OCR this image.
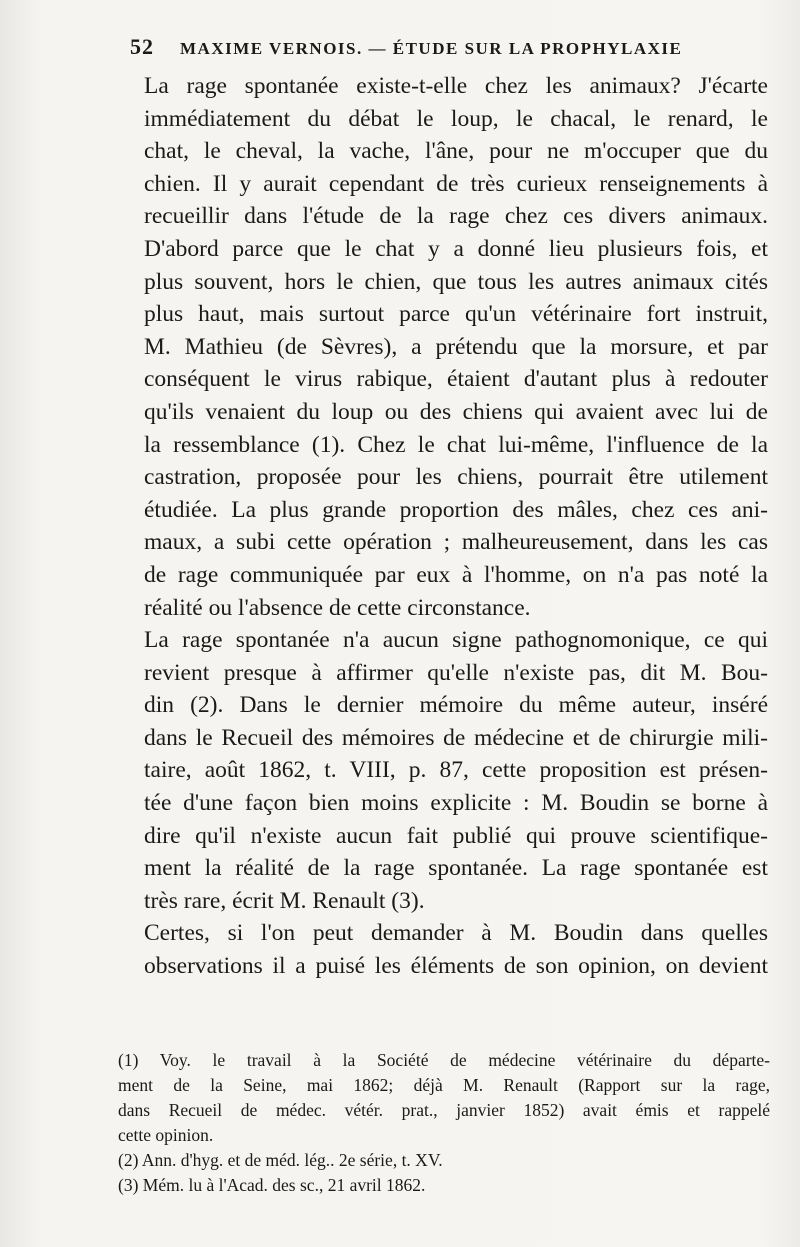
52 MAXIME VERNOIS. — ÉTUDE SUR LA PROPHYLAXIE

La rage spontanée existe-t-elle chez les animaux? J'écarte
immédiatement du débat le loup, le chacal, le renard, le
chat, le cheval, la vache, l'âne, pour ne m'occuper que du
chien. Il y aurait cependant de très curieux renseignements à
recueillir dans l'étude de la rage chez ces divers animaux.
D'abord parce que le chat y a donné lieu plusieurs fois, et
plus souvent, hors le chien, que tous les autres animaux cités
plus haut, mais surtout parce qu'un vétérinaire fort instruit,
M. Mathieu (de Sèvres), a prétendu que la morsure, et par
conséquent le virus rabique, étaient d'autant plus à redouter
qu'ils venaient du loup ou des chiens qui avaient avec lui de
la ressemblance (1). Chez le chat lui-même, l'influence de la
castration, proposée pour les chiens, pourrait être utilement
étudiée. La plus grande proportion des mâles, chez ces ani-
maux, a subi cette opération ; malheureusement, dans les cas
de rage communiquée par eux à l'homme, on n'a pas noté la
réalité ou l'absence de cette circonstance.

La rage spontanée n'a aucun signe pathognomonique, ce qui
revient presque à affirmer qu'elle n'existe pas, dit M. Bou-
din (2). Dans le dernier mémoire du même auteur, inséré
dans le Recueil des mémoires de médecine et de chirurgie mili-
taire, août 1862, t. VIII, p. 87, cette proposition est présen-
tée d'une façon bien moins explicite : M. Boudin se borne à
dire qu'il n'existe aucun fait publié qui prouve scientifique-
ment la réalité de la rage spontanée. La rage spontanée est
très rare, écrit M. Renault (3).

Certes, si l'on peut demander à M. Boudin dans quelles
observations il a puisé les éléments de son opinion, on devient

(1) Voy. le travail à la Société de médecine vétérinaire du départe-
ment de la Seine, mai 1862; déjà M. Renault (Rapport sur la rage,
dans Recueil de médec. vétér. prat., janvier 1852) avait émis et rappelé
cette opinion.
(2) Ann. d'hyg. et de méd. lég.. 2e série, t. XV.
(3) Mém. lu à l'Acad. des sc., 21 avril 1862.
